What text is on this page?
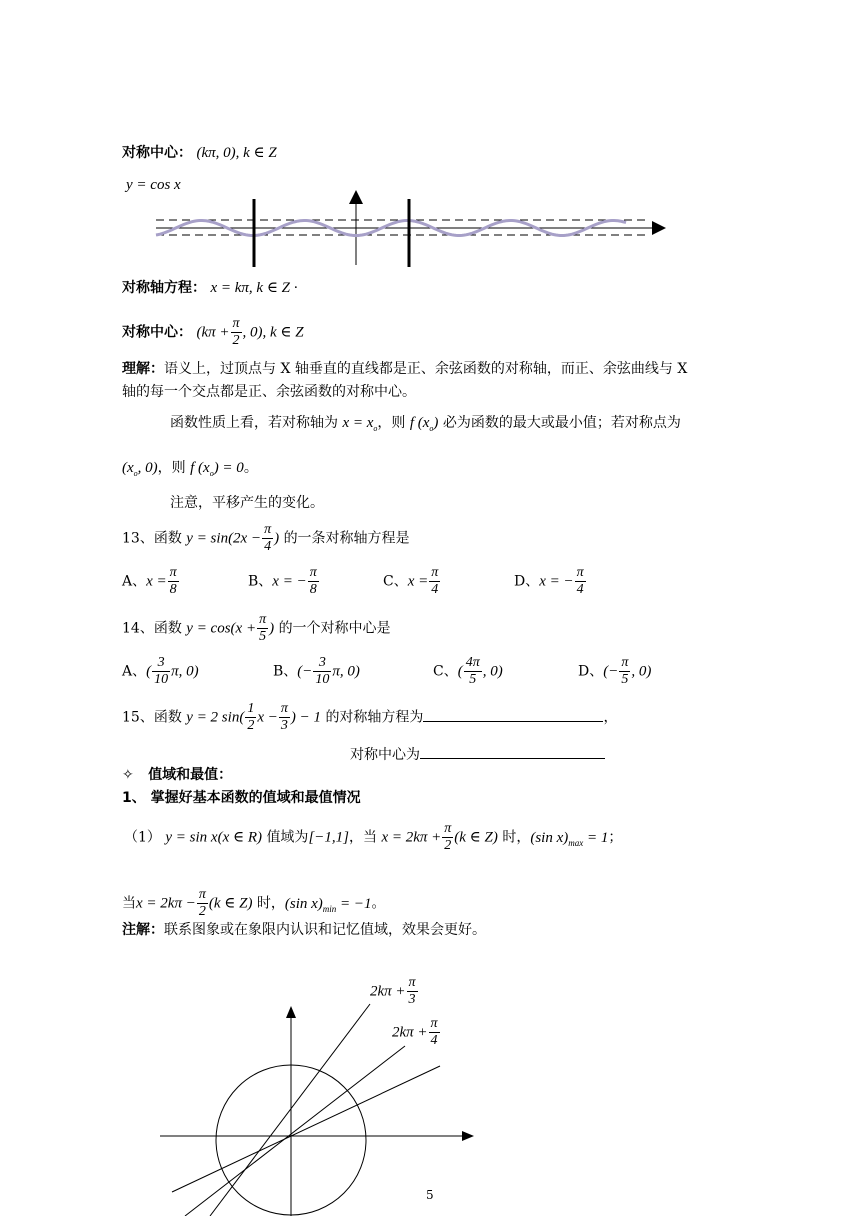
对称中心： (kπ, 0), k ∈ Z
y = cos x
对称轴方程： x = kπ, k ∈ Z ·
对称中心： ($k\pi + \frac{\pi}{2}$ , 0), k ∈ Z
理解：语义上，过顶点与 X 轴垂直的直线都是正、余弦函数的对称轴，而正、余弦曲线与 X
轴的每一个交点都是正、余弦函数的对称中心。
函数性质上看，若对称轴为 $x = x_o$，则 f $(x_o)$ 必为函数的最大或最小值；若对称点为
($x_o$, 0)，则 f $(x_o) = 0$。
注意，平移产生的变化。
13、函数 $y = \sin(2x - \frac{\pi}{4}$ ) 的一条对称轴方程是
A、$x = \frac{\pi}{8}$	B、x = − $\frac{\pi}{8}$	C、$x = \frac{\pi}{4}$	D、x = − $\frac{\pi}{4}$
14、函数 $y = \cos(x + \frac{\pi}{5}$ ) 的一个对称中心是
A、( $\frac{3}{10} \pi$, 0)	B、(− $\frac{3}{10} \pi$, 0)	C、( $\frac{4\pi}{5}$ , 0)	D、(− $\frac{\pi}{5}$ , 0)
15、函数 y = 2 $\sin( \frac{1}{2}$ $x - \frac{\pi}{3}$ ) − 1 的对称轴方程为	，
对称中心为
✧ 值域和最值：
1、 掌握好基本函数的值域和最值情况
（1） y = sin x(x ∈ R) 值域为[−1,1]，当 $x = 2k\pi + \frac{\pi}{2} (k$ ∈ Z) 时，(sin $x)_{max} = 1$；
当$x = 2k\pi - \frac{\pi}{2} (k$ ∈ Z) 时，(sin $x)_{min} = -1$。
注解：联系图象或在象限内认识和记忆值域，效果会更好。
$2k\pi + \frac{\pi}{3}$
$2k\pi + \frac{\pi}{4}$
5
